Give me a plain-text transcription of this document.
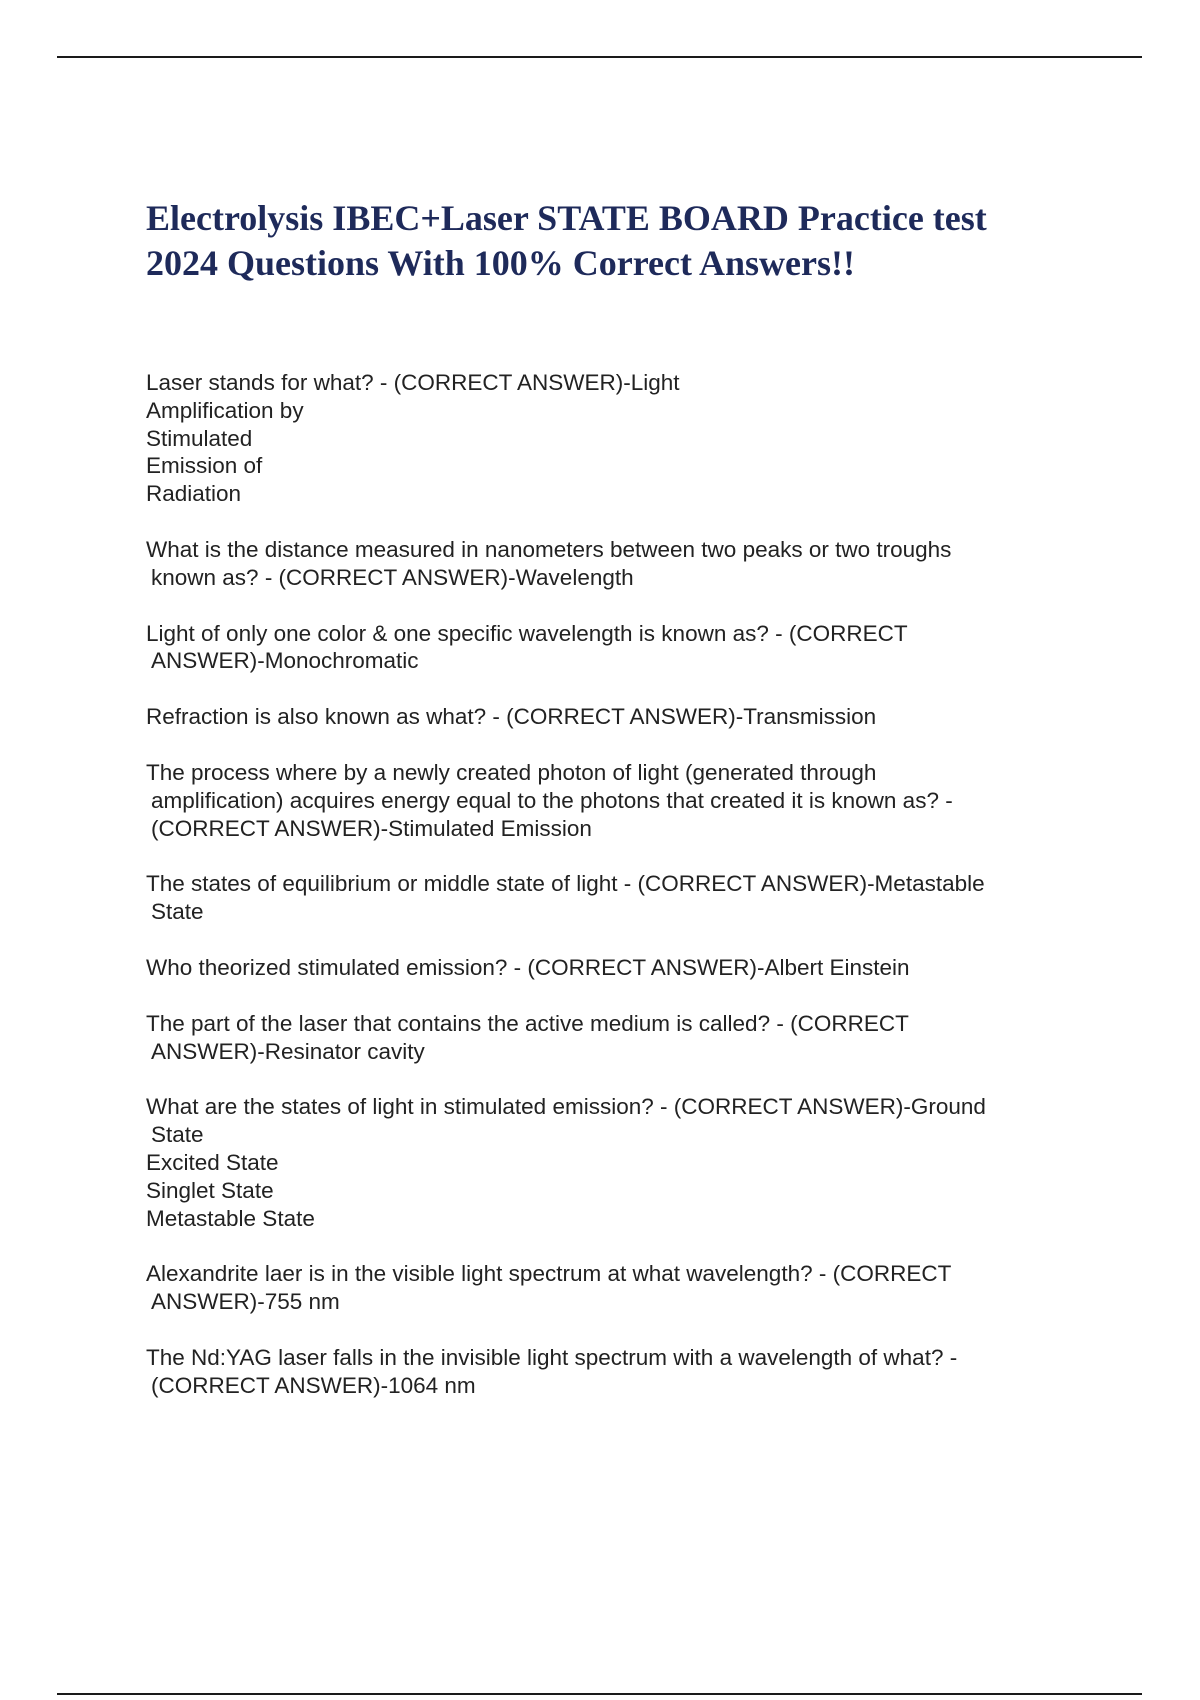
Electrolysis IBEC+Laser STATE BOARD Practice test
2024 Questions With 100% Correct Answers!!
Laser stands for what? - (CORRECT ANSWER)-Light
Amplification by
Stimulated
Emission of
Radiation
What is the distance measured in nanometers between two peaks or two troughs
known as? - (CORRECT ANSWER)-Wavelength
Light of only one color & one specific wavelength is known as? - (CORRECT
ANSWER)-Monochromatic
Refraction is also known as what? - (CORRECT ANSWER)-Transmission
The process where by a newly created photon of light (generated through
amplification) acquires energy equal to the photons that created it is known as? -
(CORRECT ANSWER)-Stimulated Emission
The states of equilibrium or middle state of light - (CORRECT ANSWER)-Metastable
State
Who theorized stimulated emission? - (CORRECT ANSWER)-Albert Einstein
The part of the laser that contains the active medium is called? - (CORRECT
ANSWER)-Resinator cavity
What are the states of light in stimulated emission? - (CORRECT ANSWER)-Ground
State
Excited State
Singlet State
Metastable State
Alexandrite laer is in the visible light spectrum at what wavelength? - (CORRECT
ANSWER)-755 nm
The Nd:YAG laser falls in the invisible light spectrum with a wavelength of what? -
(CORRECT ANSWER)-1064 nm
